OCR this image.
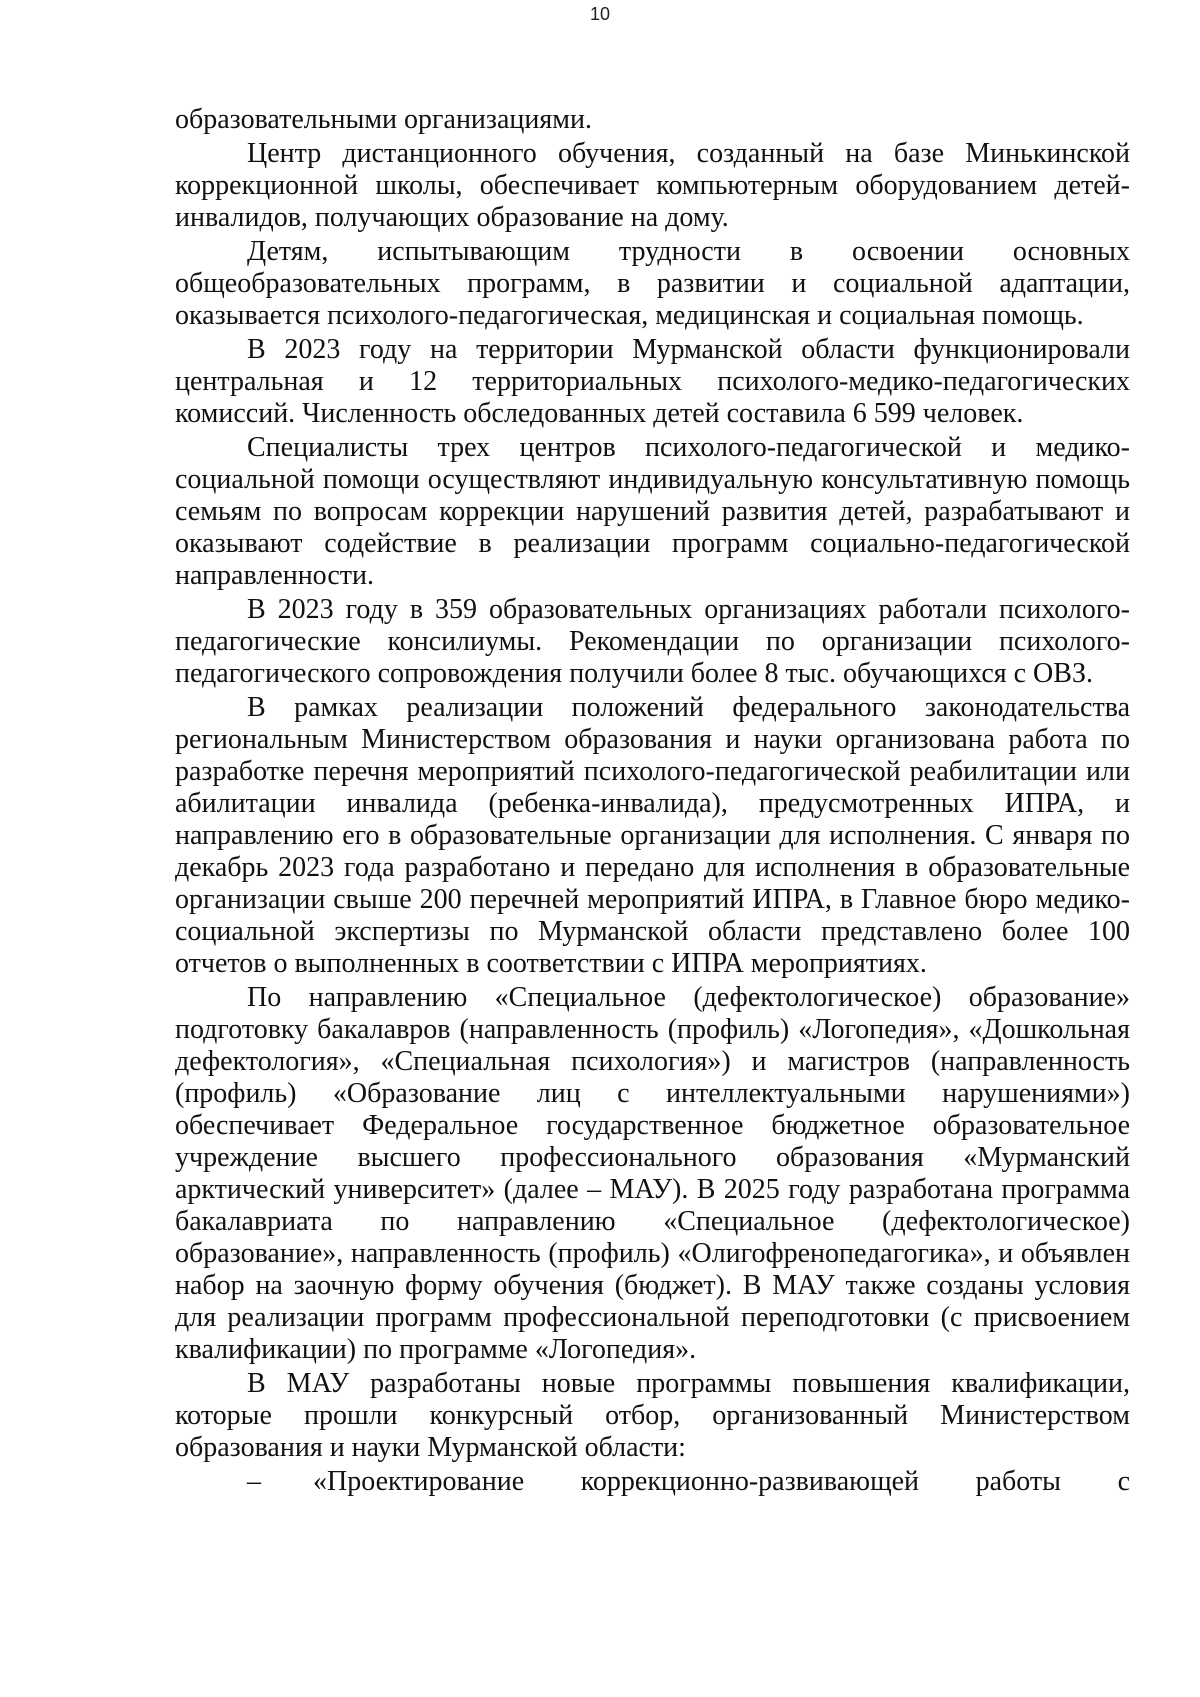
10

образовательными организациями.

Центр дистанционного обучения, созданный на базе Минькинской коррекционной школы, обеспечивает компьютерным оборудованием детей-инвалидов, получающих образование на дому.

Детям, испытывающим трудности в освоении основных общеобразовательных программ, в развитии и социальной адаптации, оказывается психолого-педагогическая, медицинская и социальная помощь.

В 2023 году на территории Мурманской области функционировали центральная и 12 территориальных психолого-медико-педагогических комиссий. Численность обследованных детей составила 6 599 человек.

Специалисты трех центров психолого-педагогической и медико-социальной помощи осуществляют индивидуальную консультативную помощь семьям по вопросам коррекции нарушений развития детей, разрабатывают и оказывают содействие в реализации программ социально-педагогической направленности.

В 2023 году в 359 образовательных организациях работали психолого-педагогические консилиумы. Рекомендации по организации психолого-педагогического сопровождения получили более 8 тыс. обучающихся с ОВЗ.

В рамках реализации положений федерального законодательства региональным Министерством образования и науки организована работа по разработке перечня мероприятий психолого-педагогической реабилитации или абилитации инвалида (ребенка-инвалида), предусмотренных ИПРА, и направлению его в образовательные организации для исполнения. С января по декабрь 2023 года разработано и передано для исполнения в образовательные организации свыше 200 перечней мероприятий ИПРА, в Главное бюро медико-социальной экспертизы по Мурманской области представлено более 100 отчетов о выполненных в соответствии с ИПРА мероприятиях.

По направлению «Специальное (дефектологическое) образование» подготовку бакалавров (направленность (профиль) «Логопедия», «Дошкольная дефектология», «Специальная психология») и магистров (направленность (профиль) «Образование лиц с интеллектуальными нарушениями») обеспечивает Федеральное государственное бюджетное образовательное учреждение высшего профессионального образования «Мурманский арктический университет» (далее – МАУ). В 2025 году разработана программа бакалавриата по направлению «Специальное (дефектологическое) образование», направленность (профиль) «Олигофренопедагогика», и объявлен набор на заочную форму обучения (бюджет). В МАУ также созданы условия для реализации программ профессиональной переподготовки (с присвоением квалификации) по программе «Логопедия».

В МАУ разработаны новые программы повышения квалификации, которые прошли конкурсный отбор, организованный Министерством образования и науки Мурманской области:

–	«Проектирование коррекционно-развивающей работы с
